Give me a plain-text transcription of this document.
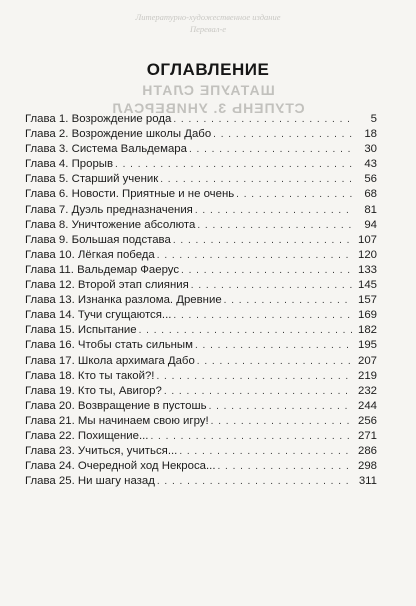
Литературно-художественное издание
Перевал-е
ШАТАУПЕ СЛАТН
СТУПЕНЬ 3. УНИВЕРСАЛ
ОГЛАВЛЕНИЕ
Глава 1. Возрождение рода . . .	5
Глава 2. Возрождение школы Дабо . . .	18
Глава 3. Система Вальдемара . . .	30
Глава 4. Прорыв . . .	43
Глава 5. Старший ученик . . .	56
Глава 6. Новости. Приятные и не очень . . .	68
Глава 7. Дуэль предназначения . . .	81
Глава 8. Уничтожение абсолюта . . .	94
Глава 9. Большая подстава . . .	107
Глава 10. Лёгкая победа . . .	120
Глава 11. Вальдемар Фаерус . . .	133
Глава 12. Второй этап слияния . . .	145
Глава 13. Изнанка разлома. Древние . . .	157
Глава 14. Тучи сгущаются... . . .	169
Глава 15. Испытание . . .	182
Глава 16. Чтобы стать сильным . . .	195
Глава 17. Школа архимага Дабо . . .	207
Глава 18. Кто ты такой?! . . .	219
Глава 19. Кто ты, Авигор? . . .	232
Глава 20. Возвращение в пустошь . . .	244
Глава 21. Мы начинаем свою игру! . . .	256
Глава 22. Похищение... . . .	271
Глава 23. Учиться, учиться... . . .	286
Глава 24. Очередной ход Некроса... . . .	298
Глава 25. Ни шагу назад . . .	311
